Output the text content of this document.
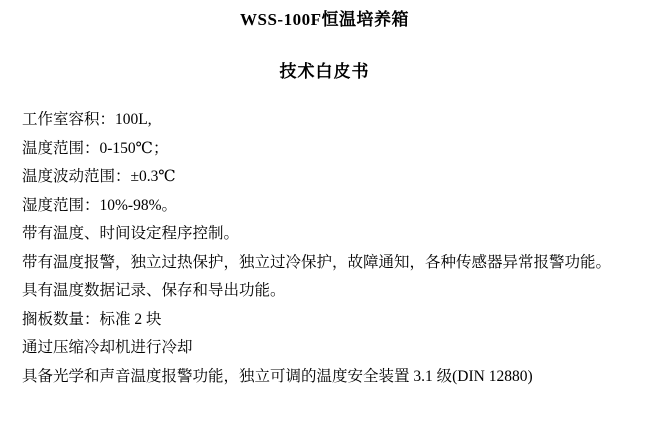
WSS-100F恒温培养箱
技术白皮书
工作室容积：100L,
温度范围：0-150℃；
温度波动范围：±0.3℃
湿度范围：10%-98%。
带有温度、时间设定程序控制。
带有温度报警，独立过热保护，独立过冷保护，故障通知，各种传感器异常报警功能。
具有温度数据记录、保存和导出功能。
搁板数量：标准 2 块
通过压缩冷却机进行冷却
具备光学和声音温度报警功能，独立可调的温度安全装置 3.1 级(DIN 12880)
